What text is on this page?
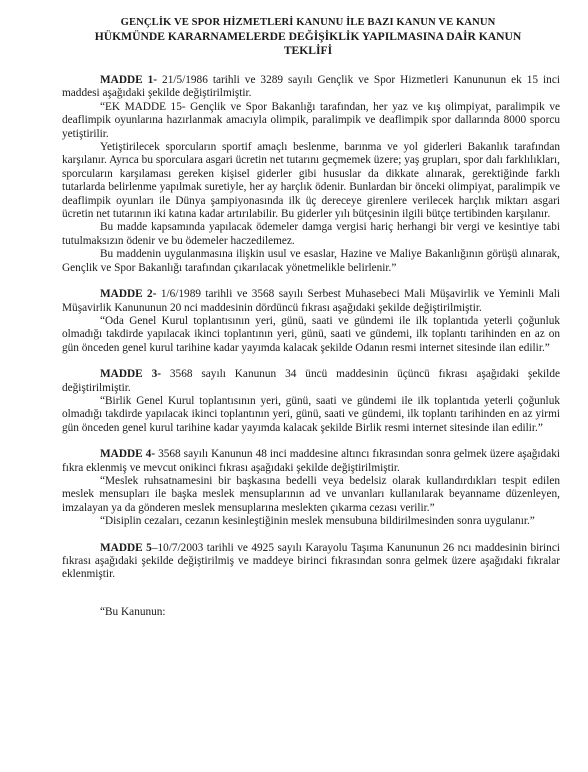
GENÇLİK VE SPOR HİZMETLERİ KANUNU İLE BAZI KANUN VE KANUN
HÜKMÜNDE KARARNAMELERDE DEĞİŞİKLİK YAPILMASINA DAİR KANUN
TEKLİFİ

MADDE 1- 21/5/1986 tarihli ve 3289 sayılı Gençlik ve Spor Hizmetleri Kanununun ek 15 inci maddesi aşağıdaki şekilde değiştirilmiştir.

“EK MADDE 15- Gençlik ve Spor Bakanlığı tarafından, her yaz ve kış olimpiyat, paralimpik ve deaflimpik oyunlarına hazırlanmak amacıyla olimpik, paralimpik ve deaflimpik spor dallarında 8000 sporcu yetiştirilir.

Yetiştirilecek sporcuların sportif amaçlı beslenme, barınma ve yol giderleri Bakanlık tarafından karşılanır. Ayrıca bu sporculara asgari ücretin net tutarını geçmemek üzere; yaş grupları, spor dalı farklılıkları, sporcuların karşılaması gereken kişisel giderler gibi hususlar da dikkate alınarak, gerektiğinde farklı tutarlarda belirlenme yapılmak suretiyle, her ay harçlık ödenir. Bunlardan bir önceki olimpiyat, paralimpik ve deaflimpik oyunları ile Dünya şampiyonasında ilk üç dereceye girenlere verilecek harçlık miktarı asgari ücretin net tutarının iki katına kadar artırılabilir. Bu giderler yılı bütçesinin ilgili bütçe tertibinden karşılanır.

Bu madde kapsamında yapılacak ödemeler damga vergisi hariç herhangi bir vergi ve kesintiye tabi tutulmaksızın ödenir ve bu ödemeler haczedilemez.

Bu maddenin uygulanmasına ilişkin usul ve esaslar, Hazine ve Maliye Bakanlığının görüşü alınarak, Gençlik ve Spor Bakanlığı tarafından çıkarılacak yönetmelikle belirlenir.”

MADDE 2- 1/6/1989 tarihli ve 3568 sayılı Serbest Muhasebeci Mali Müşavirlik ve Yeminli Mali Müşavirlik Kanununun 20 nci maddesinin dördüncü fıkrası aşağıdaki şekilde değiştirilmiştir.

“Oda Genel Kurul toplantısının yeri, günü, saati ve gündemi ile ilk toplantıda yeterli çoğunluk olmadığı takdirde yapılacak ikinci toplantının yeri, günü, saati ve gündemi, ilk toplantı tarihinden en az on gün önceden genel kurul tarihine kadar yayımda kalacak şekilde Odanın resmi internet sitesinde ilan edilir.”

MADDE 3- 3568 sayılı Kanunun 34 üncü maddesinin üçüncü fıkrası aşağıdaki şekilde değiştirilmiştir.

“Birlik Genel Kurul toplantısının yeri, günü, saati ve gündemi ile ilk toplantıda yeterli çoğunluk olmadığı takdirde yapılacak ikinci toplantının yeri, günü, saati ve gündemi, ilk toplantı tarihinden en az yirmi gün önceden genel kurul tarihine kadar yayımda kalacak şekilde Birlik resmi internet sitesinde ilan edilir.”

MADDE 4- 3568 sayılı Kanunun 48 inci maddesine altıncı fıkrasından sonra gelmek üzere aşağıdaki fıkra eklenmiş ve mevcut onikinci fıkrası aşağıdaki şekilde değiştirilmiştir.

“Meslek ruhsatnamesini bir başkasına bedelli veya bedelsiz olarak kullandırdıkları tespit edilen meslek mensupları ile başka meslek mensuplarının ad ve unvanları kullanılarak beyanname düzenleyen, imzalayan ya da gönderen meslek mensuplarına meslekten çıkarma cezası verilir.”

“Disiplin cezaları, cezanın kesinleştiğinin meslek mensubuna bildirilmesinden sonra uygulanır.”

MADDE 5–10/7/2003 tarihli ve 4925 sayılı Karayolu Taşıma Kanununun 26 ncı maddesinin birinci fıkrası aşağıdaki şekilde değiştirilmiş ve maddeye birinci fıkrasından sonra gelmek üzere aşağıdaki fıkralar eklenmiştir.

“Bu Kanunun:
